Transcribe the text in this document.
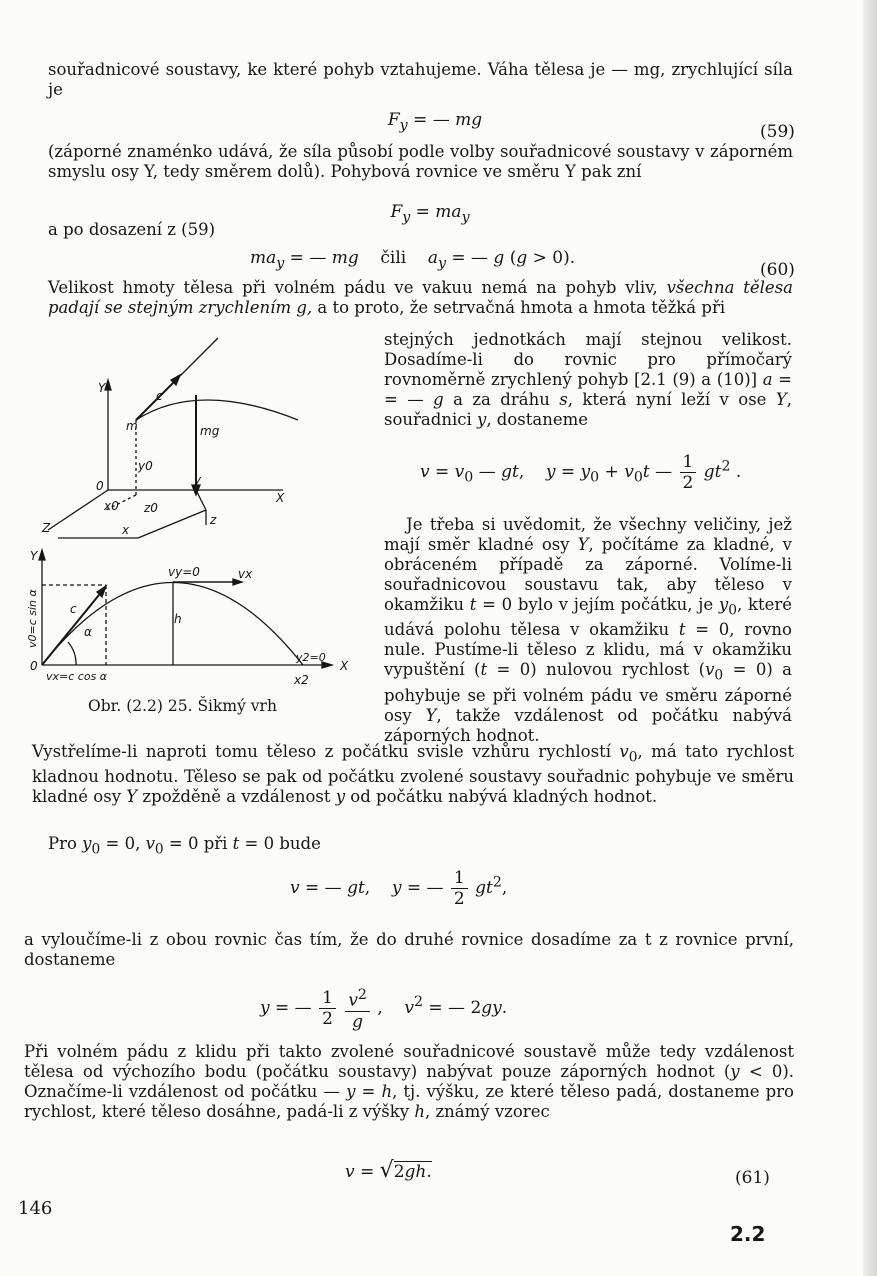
souřadnicové soustavy, ke které pohyb vztahujeme. Váha tělesa je — mg, zrychlující síla je

$F_y$ = — mg

(59)

(záporné znaménko udává, že síla působí podle volby souřadnicové soustavy v záporném smyslu osy Y, tedy směrem dolů). Pohybová rovnice ve směru Y pak zní

$F_y = ma_y$

a po dosazení z (59)

$ma_y$ = — mg    čili    $a_y$ = — g (g > 0).

(60)

Velikost hmoty tělesa při volném pádu ve vakuu nemá na pohyb vliv, všechna tělesa padají se stejným zrychlením g, a to proto, že setrvačná hmota a hmota těžká při

stejných jednotkách mají stejnou velikost. Dosadíme-li do rovnic pro přímočarý rovnoměrně zrychlený pohyb [2.1 (9) a (10)] a = = — g a za dráhu s, která nyní leží v ose Y, souřadnici y, dostaneme

$v = v_0$ — gt,    $y = y_0 + v_0t$ — $\frac{1}{2} gt^2$ .

Je třeba si uvědomit, že všechny veličiny, jež mají směr kladné osy Y, počítáme za kladné, v obráceném případě za záporné. Volíme-li souřadnicovou soustavu tak, aby těleso v okamžiku t = 0 bylo v jejím počátku, je $y_0$, které udává polohu tělesa v okamžiku t = 0, rovno nule. Pustíme-li těleso z klidu, má v okamžiku vypuštění (t = 0) nulovou rychlost $(v_0 = 0)$ a pohybuje se při volném pádu ve směru záporné osy Y, takže vzdálenost od počátku nabývá záporných hodnot.

Vystřelíme-li naproti tomu těleso z počátku svisle vzhůru rychlostí $v_0$, má tato rychlost kladnou hodnotu. Těleso se pak od počátku zvolené soustavy souřadnic pohybuje ve směru kladné osy Y zpožděně a vzdálenost y od počátku nabývá kladných hodnot.

Pro $y_0 = 0$, $v_0 = 0$ při t = 0 bude

v = — gt,    y = — $\frac{1}{2} gt^2$,

a vyloučíme-li z obou rovnic čas tím, že do druhé rovnice dosadíme za t z rovnice první, dostaneme

y = — $\frac{1}{2}$
$\frac{v^2}{g}$ ,    $v^2$ = — 2gy.

Při volném pádu z klidu při takto zvolené souřadnicové soustavě může tedy vzdálenost tělesa od výchozího bodu (počátku soustavy) nabývat pouze záporných hodnot (y < 0). Označíme-li vzdálenost od počátku — y = h, tj. výšku, ze které těleso padá, dostaneme pro rychlost, které těleso dosáhne, padá-li z výšky h, známý vzorec

v = √2gh.	(61)

146

2.2

Y
c
m	mg
y0
y
0
x0 z0
x
X
Z
z
Y
vy=0	vx
c
α
h
v0=c sin α
vx=c cos α
0
y2=0
X
x2

Obr. (2.2) 25. Šikmý vrh
